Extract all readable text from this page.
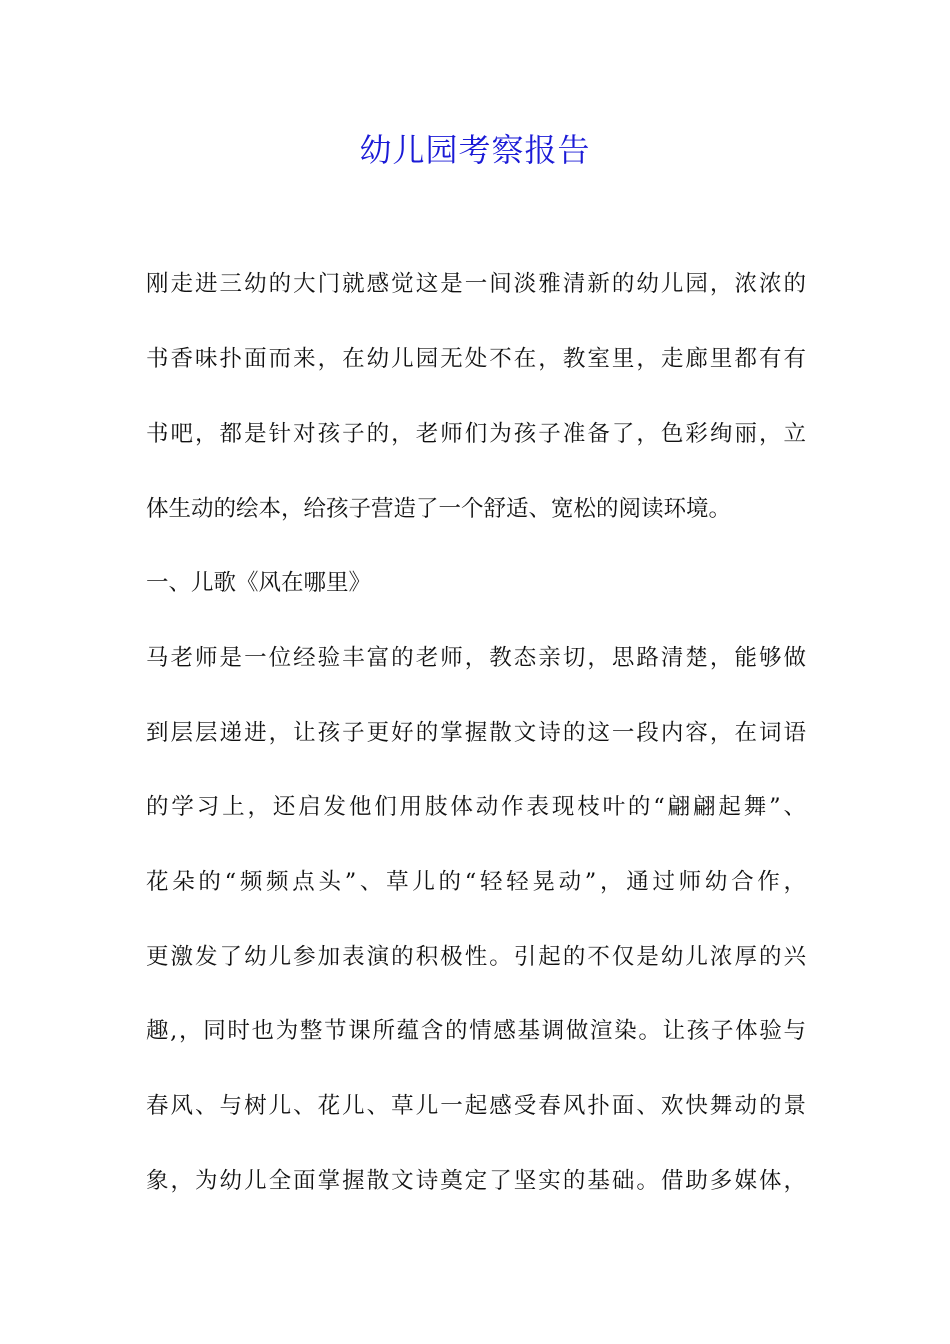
幼儿园考察报告
刚走进三幼的大门就感觉这是一间淡雅清新的幼儿园，浓浓的
书香味扑面而来，在幼儿园无处不在，教室里，走廊里都有有
书吧，都是针对孩子的，老师们为孩子准备了，色彩绚丽，立
体生动的绘本，给孩子营造了一个舒适、宽松的阅读环境。
一、儿歌《风在哪里》
马老师是一位经验丰富的老师，教态亲切，思路清楚，能够做
到层层递进，让孩子更好的掌握散文诗的这一段内容，在词语
的学习上，还启发他们用肢体动作表现枝叶的“翩翩起舞”、
花朵的“频频点头”、草儿的“轻轻晃动”，通过师幼合作，
更激发了幼儿参加表演的积极性。引起的不仅是幼儿浓厚的兴
趣,，同时也为整节课所蕴含的情感基调做渲染。让孩子体验与
春风、与树儿、花儿、草儿一起感受春风扑面、欢快舞动的景
象，为幼儿全面掌握散文诗奠定了坚实的基础。借助多媒体，
